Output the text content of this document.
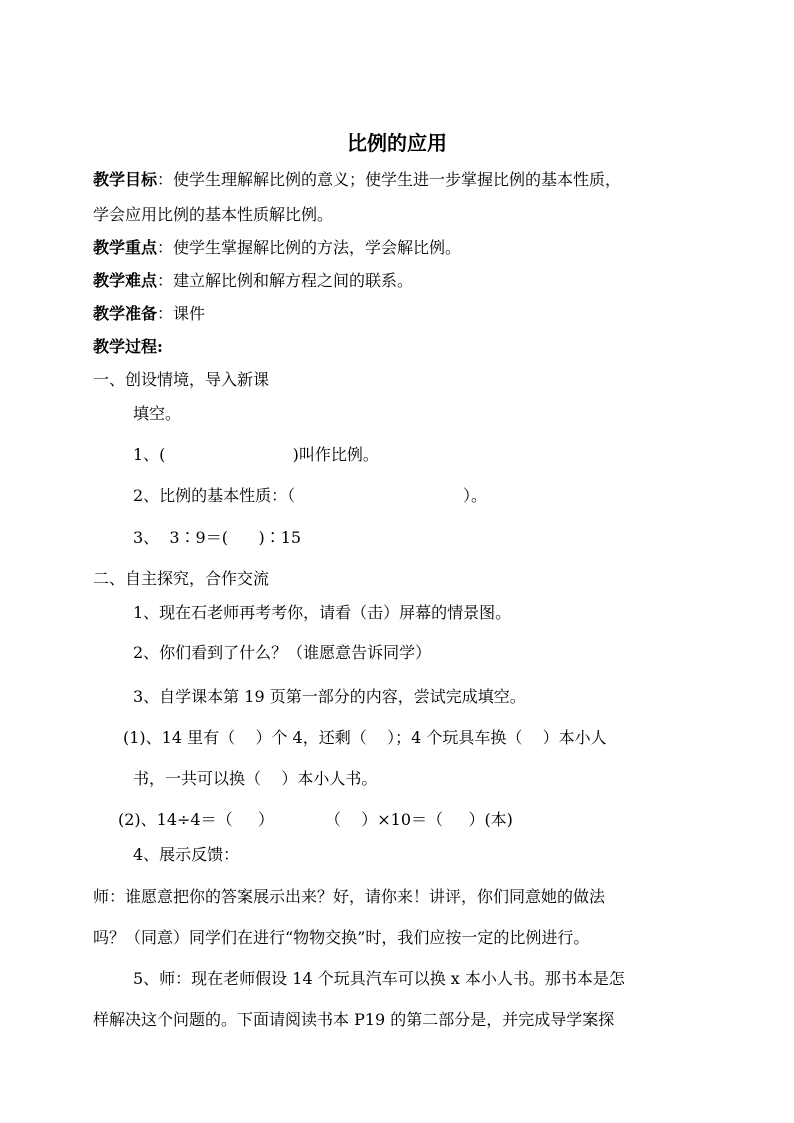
比例的应用
教学目标：使学生理解解比例的意义；使学生进一步掌握比例的基本性质，
学会应用比例的基本性质解比例。
教学重点：使学生掌握解比例的方法，学会解比例。
教学难点：建立解比例和解方程之间的联系。
教学准备：课件
教学过程:
一、创设情境，导入新课
填空。
1、(                         )叫作比例。
2、比例的基本性质：（                                 ）。
3、  3∶9＝(      )∶15
二、自主探究，合作交流
1、现在石老师再考考你，请看（击）屏幕的情景图。
2、你们看到了什么？（谁愿意告诉同学）
3、自学课本第 19 页第一部分的内容，尝试完成填空。
(1)、14 里有（    ）个 4，还剩（    ）；4 个玩具车换（    ）本小人
书，一共可以换（    ）本小人书。
(2)、14÷4＝（     ）          （    ）×10＝（     ）(本)
4、展示反馈：
师：谁愿意把你的答案展示出来？好，请你来！讲评，你们同意她的做法
吗？（同意）同学们在进行“物物交换”时，我们应按一定的比例进行。
5、师：现在老师假设 14 个玩具汽车可以换 x 本小人书。那书本是怎
样解决这个问题的。下面请阅读书本 P19 的第二部分是，并完成导学案探
